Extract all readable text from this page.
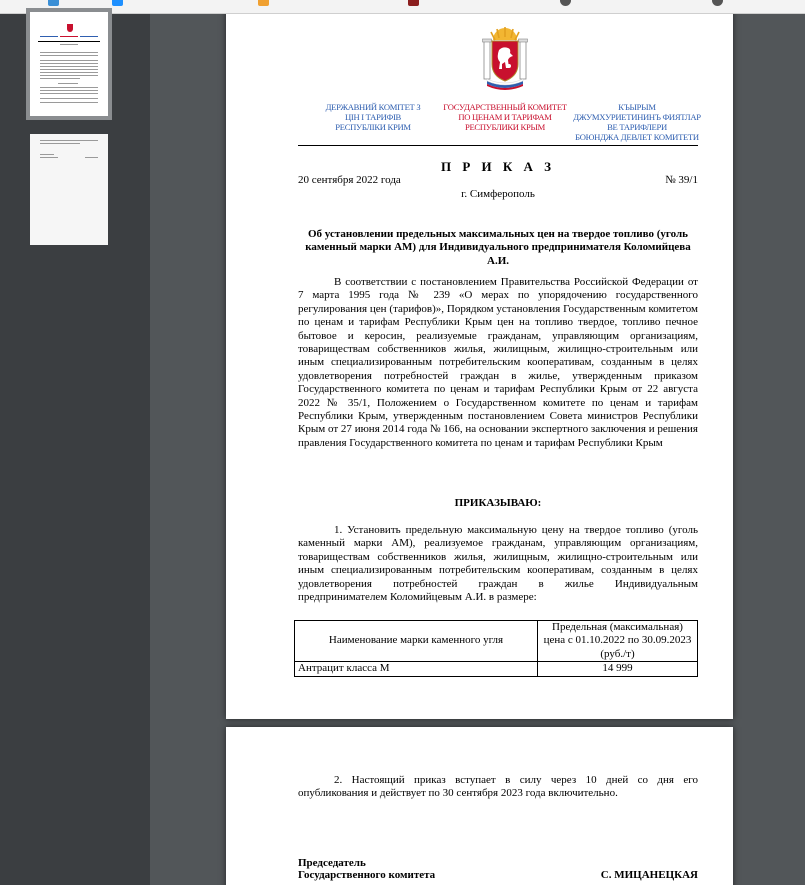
ДЕРЖАВНИЙ КОМІТЕТ З
ЦІН І ТАРИФІВ
РЕСПУБЛІКИ КРИМ
ГОСУДАРСТВЕННЫЙ КОМИТЕТ
ПО ЦЕНАМ И ТАРИФАМ
РЕСПУБЛИКИ КРЫМ
КЪЫРЫМ
ДЖУМХУРИЕТИНИНЪ ФИЯТЛАР ВЕ ТАРИФЛЕРИ
БОЮНДЖА ДЕВЛЕТ КОМИТЕТИ
П Р И К А З
20 сентября 2022 года	№ 39/1
г. Симферополь
Об установлении предельных максимальных цен на твердое топливо (уголь каменный марки АМ) для Индивидуального предпринимателя Коломийцева А.И.
В соответствии с постановлением Правительства Российской Федерации от 7 марта 1995 года № 239 «О мерах по упорядочению государственного регулирования цен (тарифов)», Порядком установления Государственным комитетом по ценам и тарифам Республики Крым цен на топливо твердое, топливо печное бытовое и керосин, реализуемые гражданам, управляющим организациям, товариществам собственников жилья, жилищным, жилищно-строительным или иным специализированным потребительским кооперативам, созданным в целях удовлетворения потребностей граждан в жилье, утвержденным приказом Государственного комитета по ценам и тарифам Республики Крым от 22 августа 2022 № 35/1, Положением о Государственном комитете по ценам и тарифам Республики Крым, утвержденным постановлением Совета министров Республики Крым от 27 июня 2014 года № 166, на основании экспертного заключения и решения правления Государственного комитета по ценам и тарифам Республики Крым
ПРИКАЗЫВАЮ:
1. Установить предельную максимальную цену на твердое топливо (уголь каменный марки АМ), реализуемое гражданам, управляющим организациям, товариществам собственников жилья, жилищным, жилищно-строительным или иным специализированным потребительским кооперативам, созданным в целях удовлетворения потребностей граждан в жилье Индивидуальным предпринимателем Коломийцевым А.И. в размере:
Наименование марки каменного угля	Предельная (максимальная) цена с 01.10.2022 по 30.09.2023 (руб./т)
Антрацит класса М	14 999
2. Настоящий приказ вступает в силу через 10 дней со дня его опубликования и действует по 30 сентября 2023 года включительно.
Председатель
Государственного комитета	С. МИЦАНЕЦКАЯ
